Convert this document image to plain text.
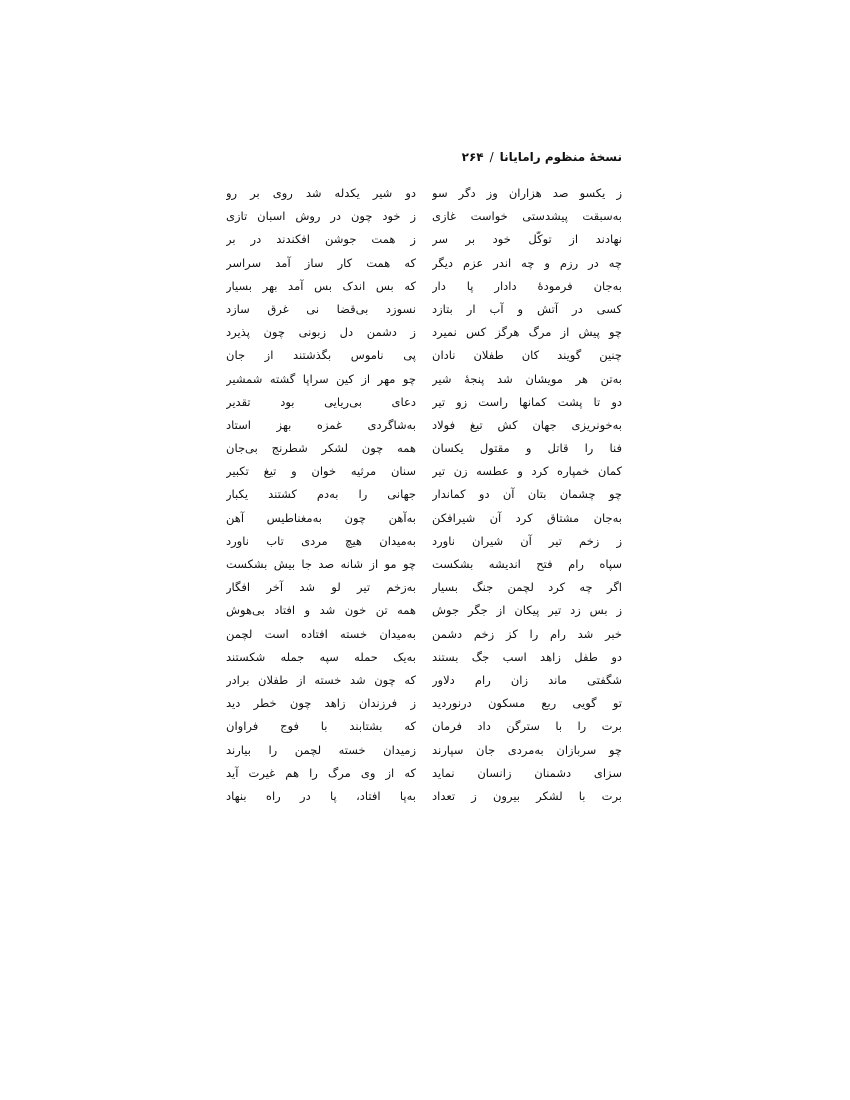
نسخهٔ منظوم رامایانا/۲۶۴
ز یکسو صد هزاران وز دگر سو
به‌سبقت پیشدستی خواست غازی
نهادند از توکّل خود بر سر
چه در رزم و چه اندر عزم دیگر
به‌جان فرمودهٔ دادار پا دار
کسی در آتش و آب ار بتازد
چو پیش از مرگ هرگز کس نمیرد
چنین گویند کان طفلان نادان
به‌تن هر مویشان شد پنجهٔ شیر
دو تا پشت کمانها راست زو تیر
به‌خونریزی جهان کش تیغ فولاد
فنا را قاتل و مقتول یکسان
کمان خمپاره کرد و عطسه زن تیر
چو چشمان بتان آن دو کماندار
به‌جان مشتاق کرد آن شیرافکن
ز زخم تیر آن شیران ناورد
سپاه رام فتح اندیشه بشکست
اگر چه کرد لچمن جنگ بسیار
ز بس زد تیر پیکان از جگر جوش
خبر شد رام را کز زخم دشمن
دو طفل زاهد اسب جگ بستند
شگفتی ماند زان رام دلاور
تو گویی ربع مسکون درنوردید
برت را با سترگن داد فرمان
چو سربازان به‌مردی جان سپارند
سزای دشمنان زانسان نماید
برت با لشکر بیرون ز تعداد
دو شیر یکدله شد روی بر رو
ز خود چون در روش اسبان تازی
ز همت جوشن افکندند در بر
که همت کار ساز آمد سراسر
که بس اندک بس آمد بهر بسیار
نسوزد بی‌قضا نی غرق سازد
ز دشمن دل زبونی چون پذیرد
پی ناموس بگذشتند از جان
چو مهر از کین سراپا گشته شمشیر
دعای بی‌ریایی بود تقدیر
به‌شاگردی غمزه بهز استاد
همه چون لشکر شطرنج بی‌جان
سنان مرثیه خوان و تیغ تکبیر
جهانی را به‌دم کشتند یکبار
به‌آهن چون به‌مغناطیس آهن
به‌میدان هیچ مردی تاب ناورد
چو مو از شانه صد جا بیش بشکست
به‌زخم تیر لو شد آخر افگار
همه تن خون شد و افتاد بی‌هوش
به‌میدان خسته افتاده است لچمن
به‌یک حمله سپه جمله شکستند
که چون شد خسته از طفلان برادر
ز فرزندان زاهد چون خطر دید
که بشتابند با فوج فراوان
زمیدان خسته لچمن را بیارند
که از وی مرگ را هم غیرت آید
به‌پا افتاد، پا در راه بنهاد
